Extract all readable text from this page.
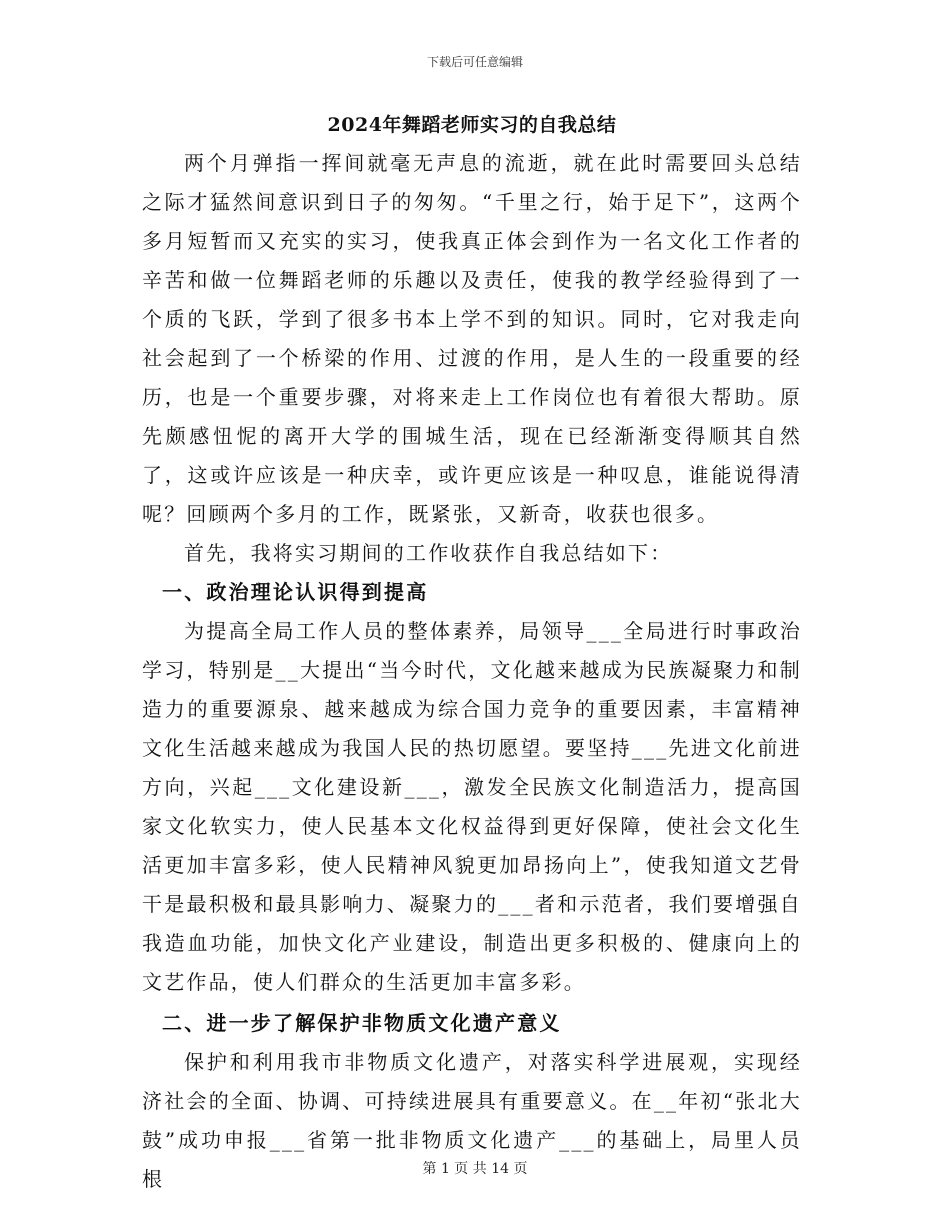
下载后可任意编辑
2024年舞蹈老师实习的自我总结

两个月弹指一挥间就毫无声息的流逝，就在此时需要回头总结之际才猛然间意识到日子的匆匆。“千里之行，始于足下”，这两个多月短暂而又充实的实习，使我真正体会到作为一名文化工作者的辛苦和做一位舞蹈老师的乐趣以及责任，使我的教学经验得到了一个质的飞跃，学到了很多书本上学不到的知识。同时，它对我走向社会起到了一个桥梁的作用、过渡的作用，是人生的一段重要的经历，也是一个重要步骤，对将来走上工作岗位也有着很大帮助。原先颇感忸怩的离开大学的围城生活，现在已经渐渐变得顺其自然了，这或许应该是一种庆幸，或许更应该是一种叹息，谁能说得清呢？回顾两个多月的工作，既紧张，又新奇，收获也很多。

首先，我将实习期间的工作收获作自我总结如下：

一、政治理论认识得到提高

为提高全局工作人员的整体素养，局领导___全局进行时事政治学习，特别是__大提出“当今时代，文化越来越成为民族凝聚力和制造力的重要源泉、越来越成为综合国力竞争的重要因素，丰富精神文化生活越来越成为我国人民的热切愿望。要坚持___先进文化前进方向，兴起___文化建设新___，激发全民族文化制造活力，提高国家文化软实力，使人民基本文化权益得到更好保障，使社会文化生活更加丰富多彩，使人民精神风貌更加昂扬向上”，使我知道文艺骨干是最积极和最具影响力、凝聚力的___者和示范者，我们要增强自我造血功能，加快文化产业建设，制造出更多积极的、健康向上的文艺作品，使人们群众的生活更加丰富多彩。

二、进一步了解保护非物质文化遗产意义

保护和利用我市非物质文化遗产，对落实科学进展观，实现经济社会的全面、协调、可持续进展具有重要意义。在__年初“张北大鼓”成功申报___省第一批非物质文化遗产___的基础上，局里人员根	第 1 页 共 14 页
